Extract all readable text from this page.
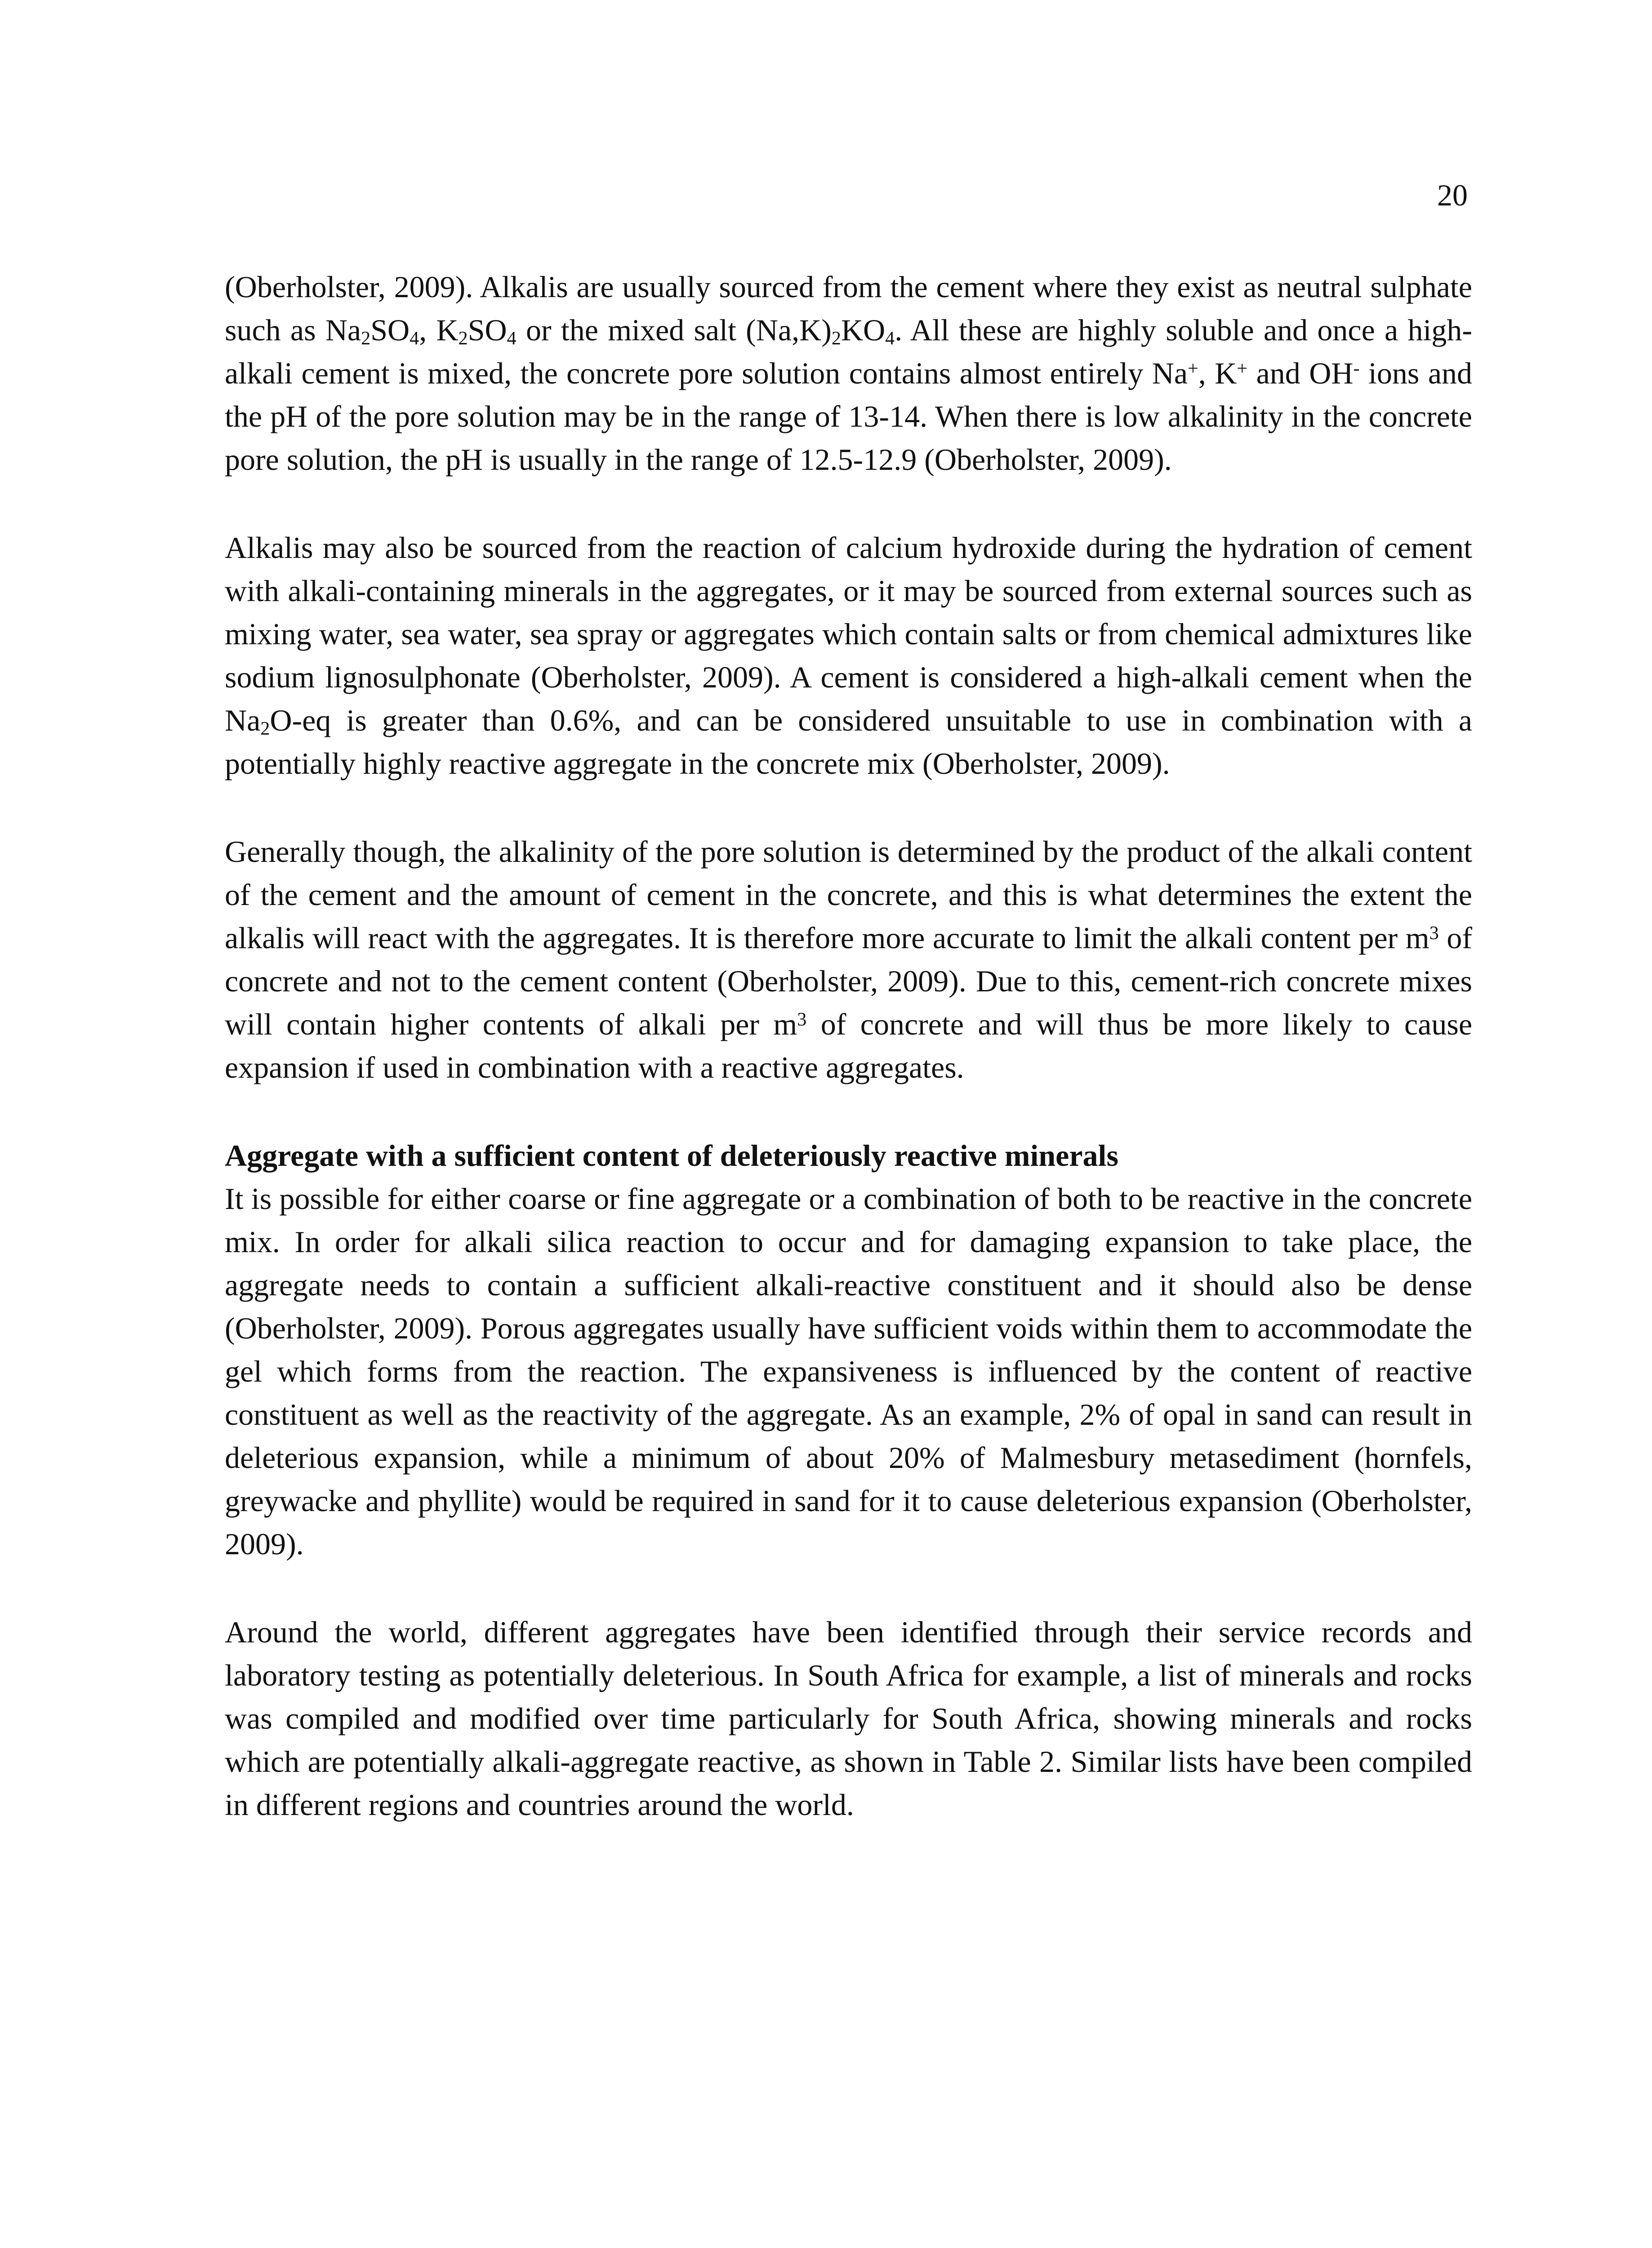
20

(Oberholster, 2009). Alkalis are usually sourced from the cement where they exist as neutral sulphate such as $Na_2SO_4$, $K_2SO_4$ or the mixed salt $(Na,K)_2KO_4$. All these are highly soluble and once a high-alkali cement is mixed, the concrete pore solution contains almost entirely Na+, K+ and OH- ions and the pH of the pore solution may be in the range of 13-14. When there is low alkalinity in the concrete pore solution, the pH is usually in the range of 12.5-12.9 (Oberholster, 2009).

Alkalis may also be sourced from the reaction of calcium hydroxide during the hydration of cement with alkali-containing minerals in the aggregates, or it may be sourced from external sources such as mixing water, sea water, sea spray or aggregates which contain salts or from chemical admixtures like sodium lignosulphonate (Oberholster, 2009). A cement is considered a high-alkali cement when the $Na_2O-eq$ is greater than 0.6%, and can be considered unsuitable to use in combination with a potentially highly reactive aggregate in the concrete mix (Oberholster, 2009).

Generally though, the alkalinity of the pore solution is determined by the product of the alkali content of the cement and the amount of cement in the concrete, and this is what determines the extent the alkalis will react with the aggregates. It is therefore more accurate to limit the alkali content per $m^3$ of concrete and not to the cement content (Oberholster, 2009). Due to this, cement-rich concrete mixes will contain higher contents of alkali per $m^3$ of concrete and will thus be more likely to cause expansion if used in combination with a reactive aggregates.

Aggregate with a sufficient content of deleteriously reactive minerals

It is possible for either coarse or fine aggregate or a combination of both to be reactive in the concrete mix. In order for alkali silica reaction to occur and for damaging expansion to take place, the aggregate needs to contain a sufficient alkali-reactive constituent and it should also be dense (Oberholster, 2009). Porous aggregates usually have sufficient voids within them to accommodate the gel which forms from the reaction. The expansiveness is influenced by the content of reactive constituent as well as the reactivity of the aggregate. As an example, 2% of opal in sand can result in deleterious expansion, while a minimum of about 20% of Malmesbury metasediment (hornfels, greywacke and phyllite) would be required in sand for it to cause deleterious expansion (Oberholster, 2009).

Around the world, different aggregates have been identified through their service records and laboratory testing as potentially deleterious. In South Africa for example, a list of minerals and rocks was compiled and modified over time particularly for South Africa, showing minerals and rocks which are potentially alkali-aggregate reactive, as shown in Table 2. Similar lists have been compiled in different regions and countries around the world.
